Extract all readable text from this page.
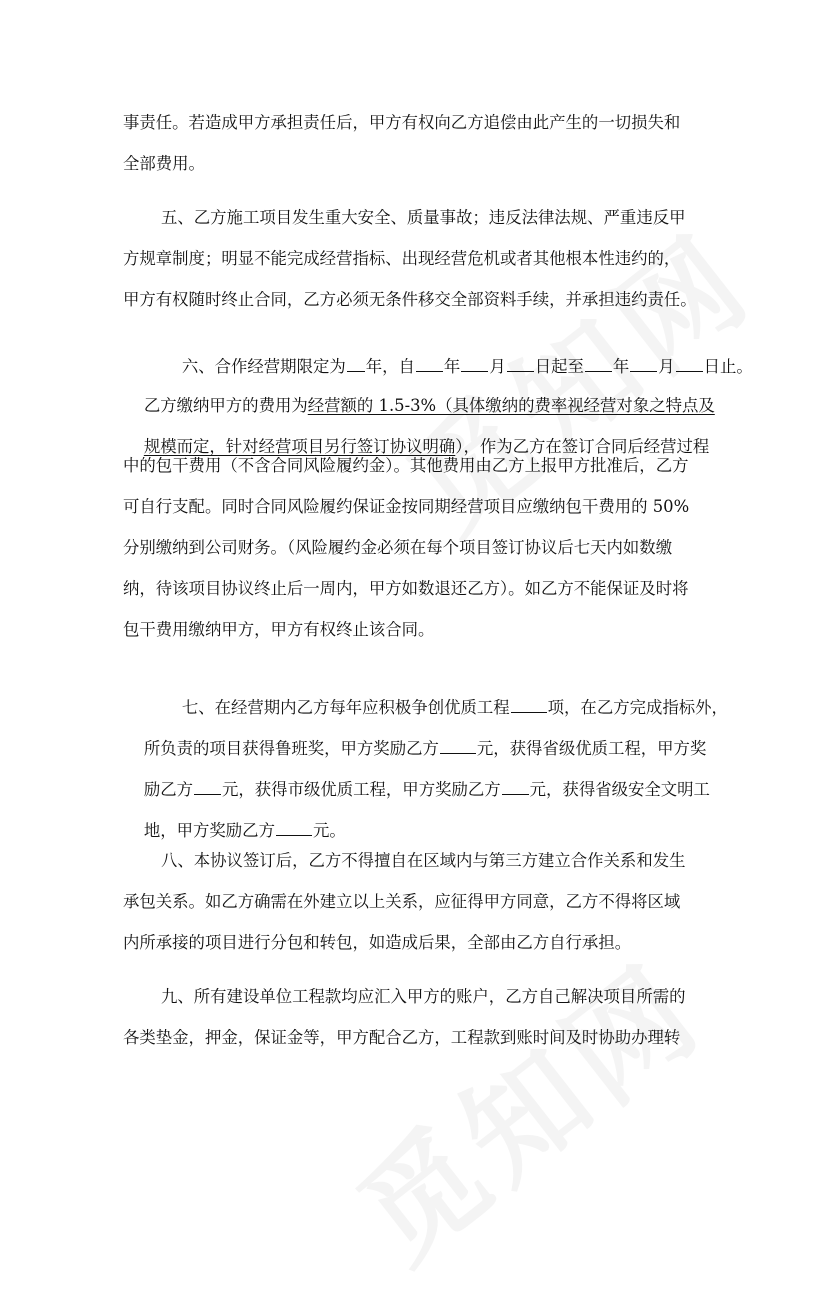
事责任。若造成甲方承担责任后，甲方有权向乙方追偿由此产生的一切损失和
全部费用。
五、乙方施工项目发生重大安全、质量事故；违反法律法规、严重违反甲
方规章制度；明显不能完成经营指标、出现经营危机或者其他根本性违约的，
甲方有权随时终止合同，乙方必须无条件移交全部资料手续，并承担违约责任。

六、合作经营期限定为 年，自 年 月 日起至 年 月 日止。

乙方缴纳甲方的费用为经营额的 1.5-3%（具体缴纳的费率视经营对象之特点及

规模而定，针对经营项目另行签订协议明确），作为乙方在签订合同后经营过程

中的包干费用（不含合同风险履约金）。其他费用由乙方上报甲方批准后，乙方
可自行支配。同时合同风险履约保证金按同期经营项目应缴纳包干费用的 50%
分别缴纳到公司财务。（风险履约金必须在每个项目签订协议后七天内如数缴
纳，待该项目协议终止后一周内，甲方如数退还乙方）。如乙方不能保证及时将
包干费用缴纳甲方，甲方有权终止该合同。

七、在经营期内乙方每年应积极争创优质工程 项，在乙方完成指标外，

所负责的项目获得鲁班奖，甲方奖励乙方 元，获得省级优质工程，甲方奖

励乙方 元，获得市级优质工程，甲方奖励乙方 元，获得省级安全文明工

地，甲方奖励乙方 元。

八、本协议签订后，乙方不得擅自在区域内与第三方建立合作关系和发生
承包关系。如乙方确需在外建立以上关系，应征得甲方同意，乙方不得将区域
内所承接的项目进行分包和转包，如造成后果，全部由乙方自行承担。
九、所有建设单位工程款均应汇入甲方的账户，乙方自己解决项目所需的
各类垫金，押金，保证金等，甲方配合乙方，工程款到账时间及时协助办理转
